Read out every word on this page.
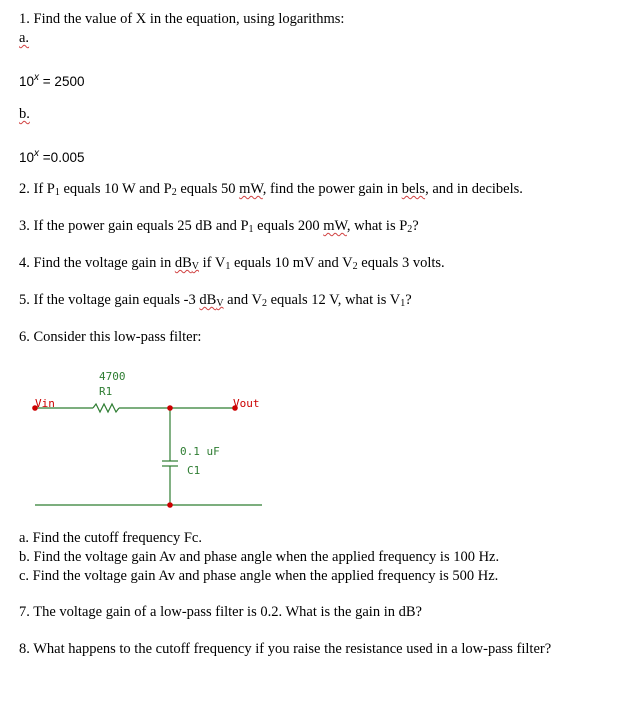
1. Find the value of X in the equation, using logarithms:
a.
$10^x = 2500$
b.
$10^x =0.005$
2. If P1 equals 10 W and P2 equals 50 mW, find the power gain in bels, and in decibels.
3. If the power gain equals 25 dB and P1 equals 200 mW, what is P2?
4. Find the voltage gain in dBV if V1 equals 10 mV and V2 equals 3 volts.
5. If the voltage gain equals -3 dBV and V2 equals 12 V, what is V1?
6. Consider this low-pass filter:
4700
R1
Vin	Vout
0.1 uF
C1
a. Find the cutoff frequency Fc.
b. Find the voltage gain Av and phase angle when the applied frequency is 100 Hz.
c. Find the voltage gain Av and phase angle when the applied frequency is 500 Hz.
7. The voltage gain of a low-pass filter is 0.2. What is the gain in dB?
8. What happens to the cutoff frequency if you raise the resistance used in a low-pass filter?
